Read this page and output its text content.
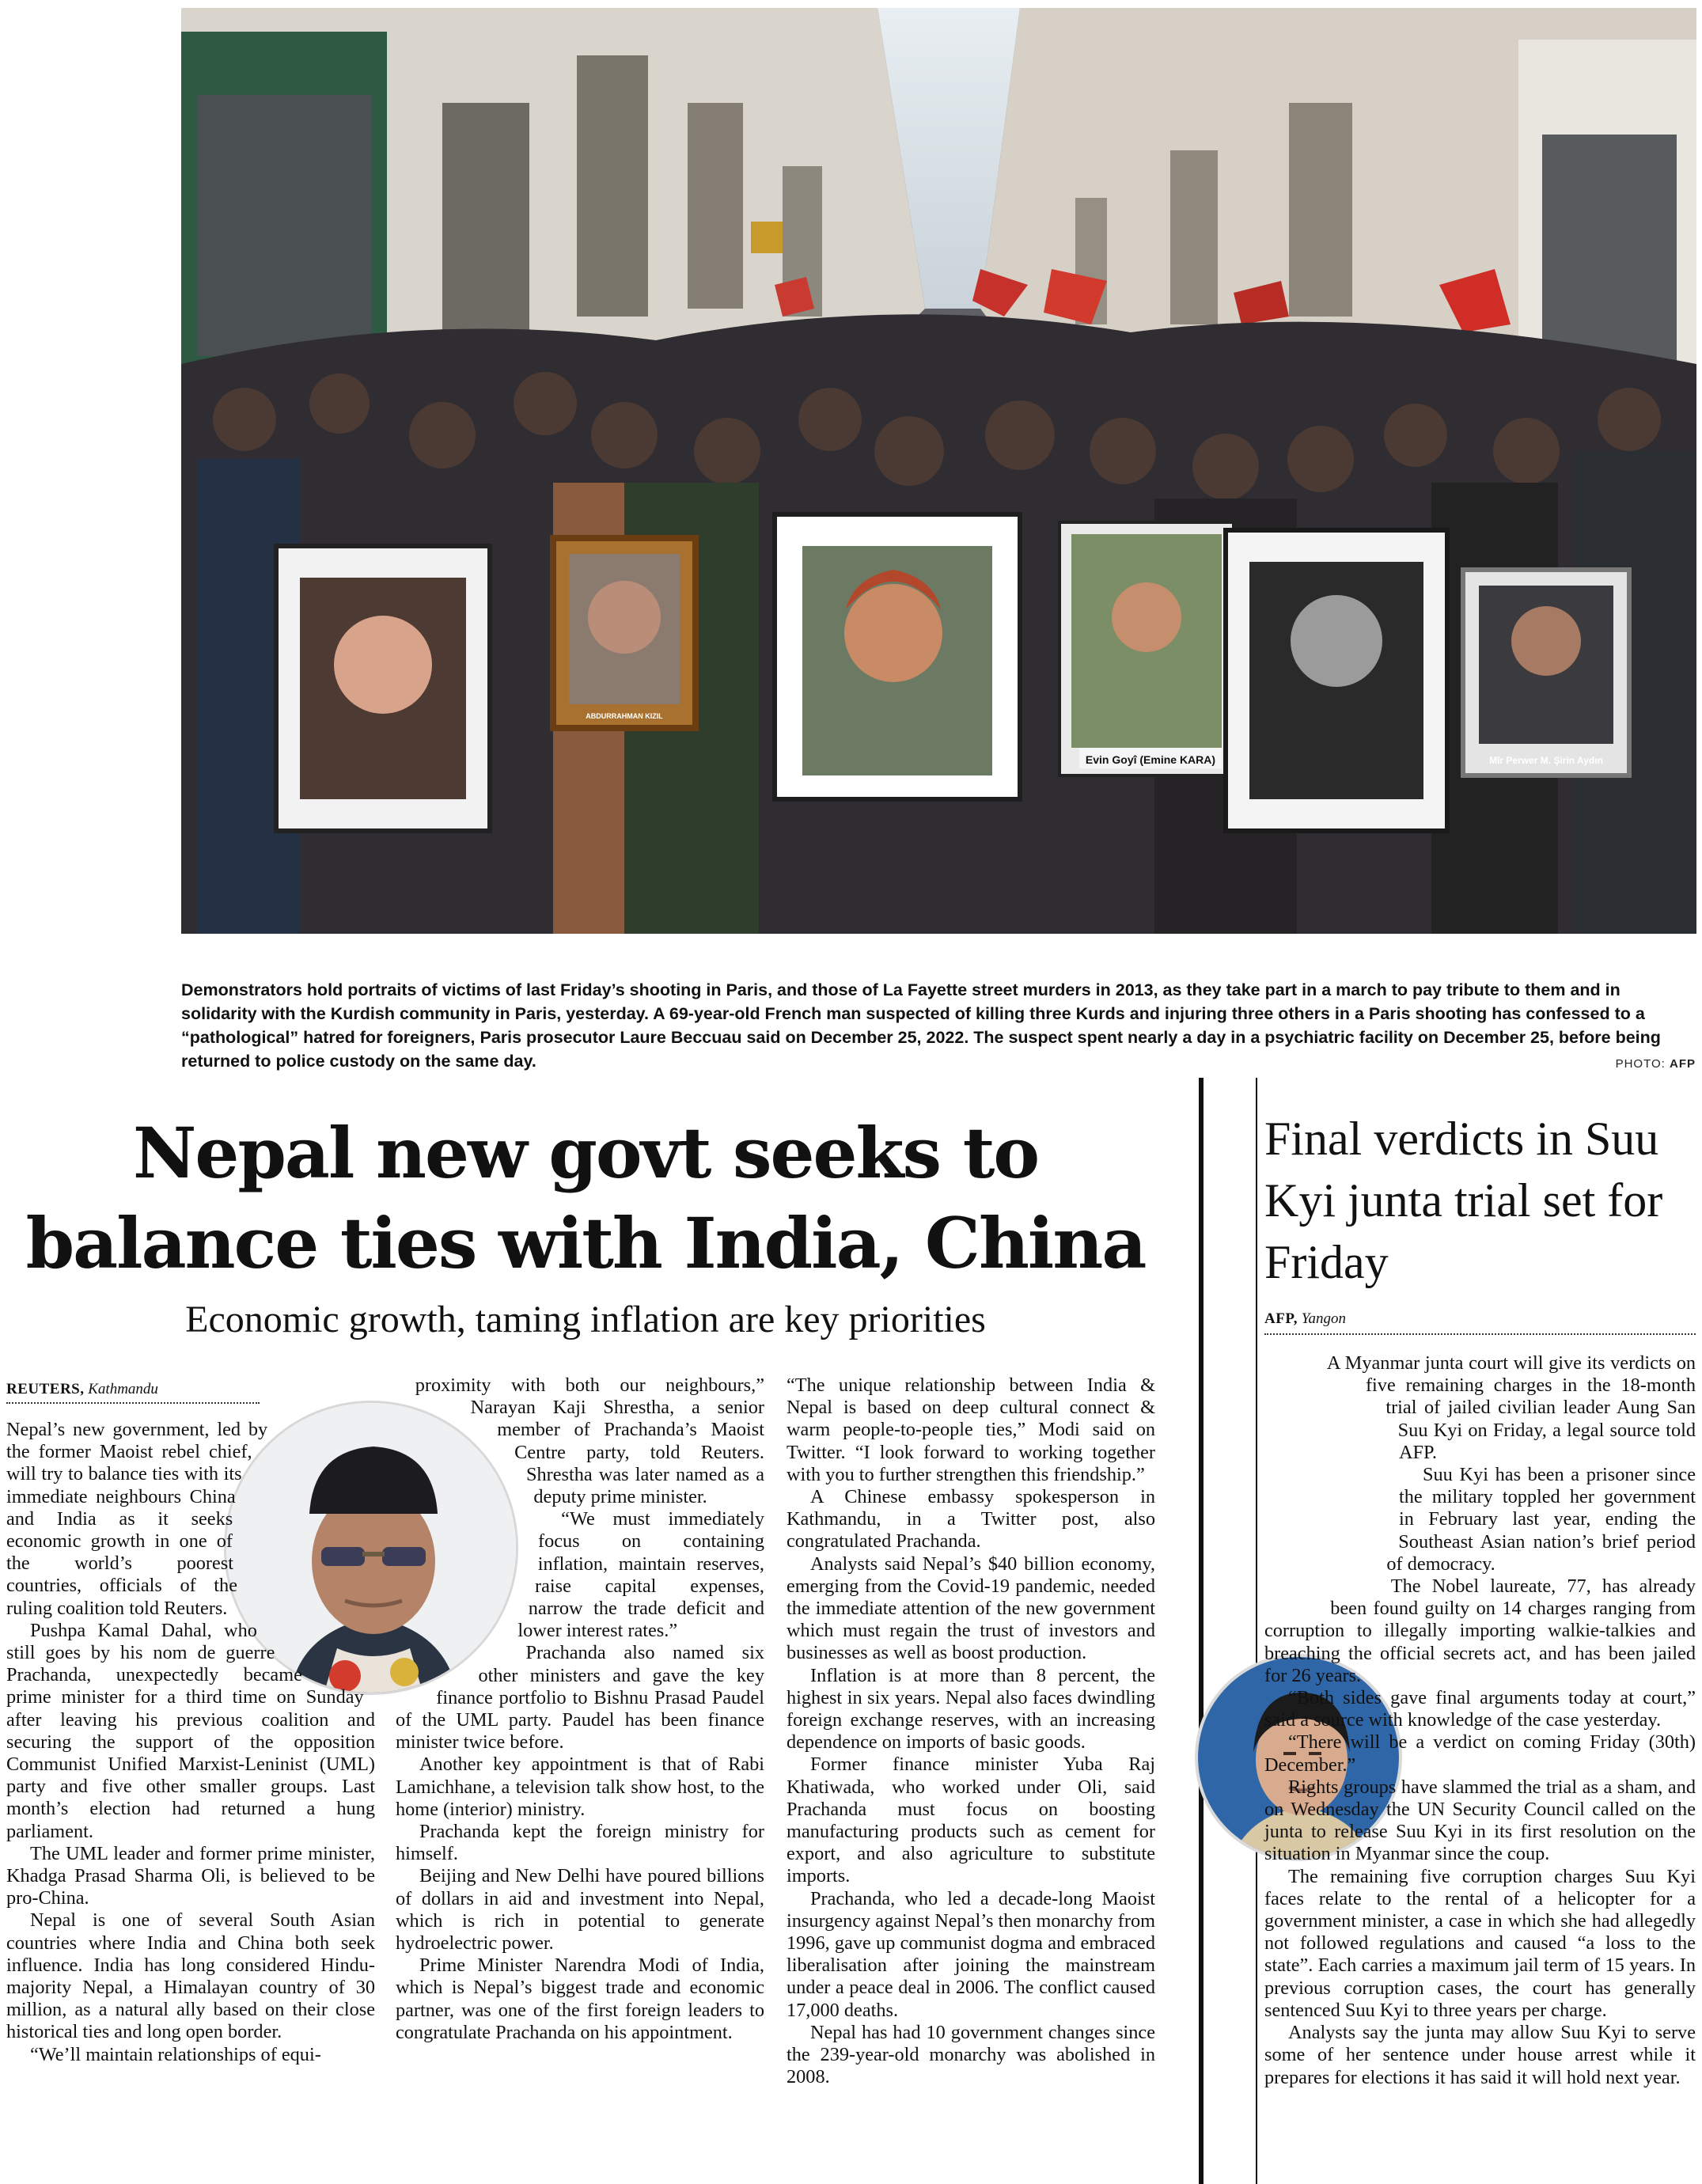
Evin Goyî (Emine KARA)	Mîr Perwer M. Şirin Aydın
ABDURRAHMAN KIZIL
Demonstrators hold portraits of victims of last Friday’s shooting in Paris, and those of La Fayette street murders in 2013, as they take part in a march to pay tribute to them and in solidarity with the Kurdish community in Paris, yesterday. A 69-year-old French man suspected of killing three Kurds and injuring three others in a Paris shooting has confessed to a “pathological” hatred for foreigners, Paris prosecutor Laure Beccuau said on December 25, 2022. The suspect spent nearly a day in a psychiatric facility on December 25, before being returned to police custody on the same day.	PHOTO: AFP
Nepal new govt seeks to
balance ties with India, China
Economic growth, taming inflation are key priorities
REUTERS, Kathmandu

Nepal’s new government, led by the former Maoist rebel chief, will try to balance ties with its immediate neighbours China and India as it seeks economic growth in one of the world’s poorest countries, officials of the ruling coalition told Reuters.

Pushpa Kamal Dahal, who still goes by his nom de guerre Prachanda, unexpectedly became prime minister for a third time on Sunday after leaving his previous coalition and securing the support of the opposition Communist Unified Marxist-Leninist (UML) party and five other smaller groups. Last month’s election had returned a hung parliament.

The UML leader and former prime minister, Khadga Prasad Sharma Oli, is believed to be pro-China.

Nepal is one of several South Asian countries where India and China both seek influence. India has long considered Hindu-majority Nepal, a Himalayan country of 30 million, as a natural ally based on their close historical ties and long open border.

“We’ll maintain relationships of equi-

proximity with both our neighbours,” Narayan Kaji Shrestha, a senior member of Prachanda’s Maoist Centre party, told Reuters. Shrestha was later named as a deputy prime minister.

“We must immediately focus on containing inflation, maintain reserves, raise capital expenses, narrow the trade deficit and lower interest rates.”

Prachanda also named six other ministers and gave the key finance portfolio to Bishnu Prasad Paudel of the UML party. Paudel has been finance minister twice before.

Another key appointment is that of Rabi Lamichhane, a television talk show host, to the home (interior) ministry.

Prachanda kept the foreign ministry for himself.

Beijing and New Delhi have poured billions of dollars in aid and investment into Nepal, which is rich in potential to generate hydroelectric power.

Prime Minister Narendra Modi of India, which is Nepal’s biggest trade and economic partner, was one of the first foreign leaders to congratulate Prachanda on his appointment.

“The unique relationship between India & Nepal is based on deep cultural connect & warm people-to-people ties,” Modi said on Twitter. “I look forward to working together with you to further strengthen this friendship.”

A Chinese embassy spokesperson in Kathmandu, in a Twitter post, also congratulated Prachanda.

Analysts said Nepal’s $40 billion economy, emerging from the Covid-19 pandemic, needed the immediate attention of the new government which must regain the trust of investors and businesses as well as boost production.

Inflation is at more than 8 percent, the highest in six years. Nepal also faces dwindling foreign exchange reserves, with an increasing dependence on imports of basic goods.

Former finance minister Yuba Raj Khatiwada, who worked under Oli, said Prachanda must focus on boosting manufacturing products such as cement for export, and also agriculture to substitute imports.

Prachanda, who led a decade-long Maoist insurgency against Nepal’s then monarchy from 1996, gave up communist dogma and embraced liberalisation after joining the mainstream under a peace deal in 2006. The conflict caused 17,000 deaths.

Nepal has had 10 government changes since the 239-year-old monarchy was abolished in 2008.

Final verdicts in Suu Kyi junta trial set for Friday
AFP, Yangon

A Myanmar junta court will give its verdicts on five remaining charges in the 18-month trial of jailed civilian leader Aung San Suu Kyi on Friday, a legal source told AFP.

Suu Kyi has been a prisoner since the military toppled her government in February last year, ending the Southeast Asian nation’s brief period of democracy.

The Nobel laureate, 77, has already been found guilty on 14 charges ranging from corruption to illegally importing walkie-talkies and breaching the official secrets act, and has been jailed for 26 years.

“Both sides gave final arguments today at court,” said a source with knowledge of the case yesterday.

“There will be a verdict on coming Friday (30th) December.”

Rights groups have slammed the trial as a sham, and on Wednesday the UN Security Council called on the junta to release Suu Kyi in its first resolution on the situation in Myanmar since the coup.

The remaining five corruption charges Suu Kyi faces relate to the rental of a helicopter for a government minister, a case in which she had allegedly not followed regulations and caused “a loss to the state”. Each carries a maximum jail term of 15 years. In previous corruption cases, the court has generally sentenced Suu Kyi to three years per charge.

Analysts say the junta may allow Suu Kyi to serve some of her sentence under house arrest while it prepares for elections it has said it will hold next year.
